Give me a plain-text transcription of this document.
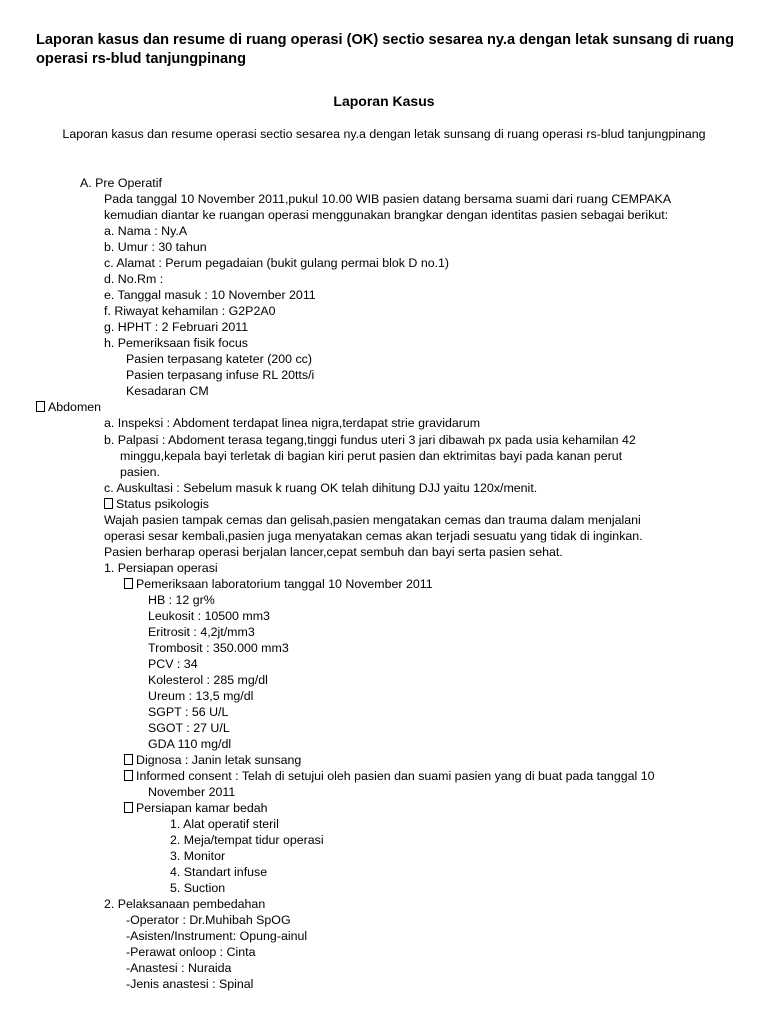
Laporan kasus dan resume di ruang operasi (OK) sectio sesarea ny.a dengan letak sunsang di ruang operasi rs-blud tanjungpinang
Laporan Kasus
Laporan kasus dan resume operasi sectio sesarea ny.a dengan letak sunsang di ruang operasi rs-blud tanjungpinang
A. Pre Operatif
Pada tanggal 10 November 2011,pukul 10.00 WIB pasien datang bersama suami dari ruang CEMPAKA
kemudian diantar ke ruangan operasi menggunakan brangkar dengan identitas pasien sebagai berikut:
a. Nama : Ny.A
b. Umur : 30 tahun
c. Alamat : Perum pegadaian (bukit gulang permai blok D no.1)
d. No.Rm :
e. Tanggal masuk : 10 November 2011
f. Riwayat kehamilan : G2P2A0
g. HPHT : 2 Februari 2011
h. Pemeriksaan fisik focus
Pasien terpasang kateter (200 cc)
Pasien terpasang infuse RL 20tts/i
Kesadaran CM
Abdomen
a. Inspeksi : Abdoment terdapat linea nigra,terdapat strie gravidarum
b. Palpasi : Abdoment terasa tegang,tinggi fundus uteri 3 jari dibawah px pada usia kehamilan 42
minggu,kepala bayi terletak di bagian kiri perut pasien dan ektrimitas bayi pada kanan perut
pasien.
c. Auskultasi : Sebelum masuk k ruang OK telah dihitung DJJ yaitu 120x/menit.
Status psikologis
Wajah pasien tampak cemas dan gelisah,pasien mengatakan cemas dan trauma dalam menjalani
operasi sesar kembali,pasien juga menyatakan cemas akan terjadi sesuatu yang tidak di inginkan.
Pasien berharap operasi berjalan lancer,cepat sembuh dan bayi serta pasien sehat.
1. Persiapan operasi
Pemeriksaan laboratorium tanggal 10 November 2011
HB : 12 gr%
Leukosit : 10500 mm3
Eritrosit : 4,2jt/mm3
Trombosit : 350.000 mm3
PCV : 34
Kolesterol : 285 mg/dl
Ureum : 13,5 mg/dl
SGPT : 56 U/L
SGOT : 27 U/L
GDA 110 mg/dl
Dignosa : Janin letak sunsang
Informed consent : Telah di setujui oleh pasien dan suami pasien yang di buat pada tanggal 10
November 2011
Persiapan kamar bedah
1. Alat operatif steril
2. Meja/tempat tidur operasi
3. Monitor
4. Standart infuse
5. Suction
2. Pelaksanaan pembedahan
-Operator : Dr.Muhibah SpOG
-Asisten/Instrument: Opung-ainul
-Perawat onloop : Cinta
-Anastesi : Nuraida
-Jenis anastesi : Spinal
